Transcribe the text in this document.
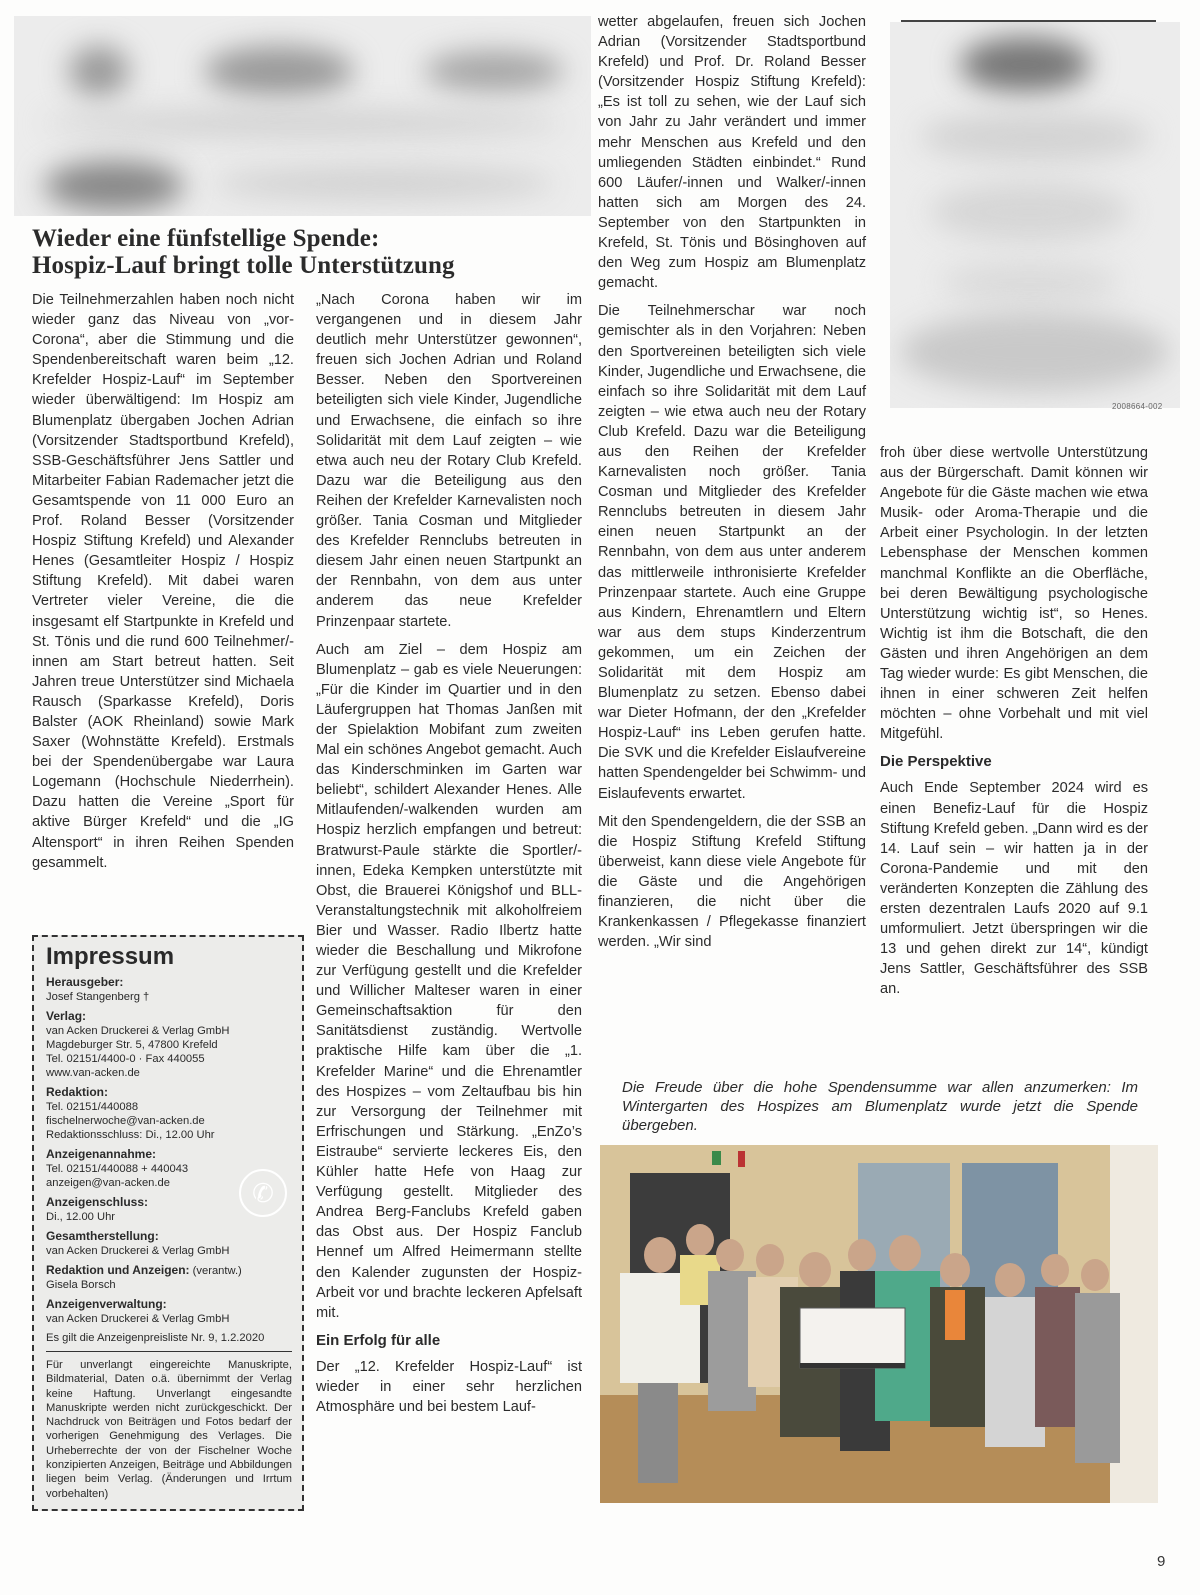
Wieder eine fünfstellige Spende:
Hospiz-Lauf bringt tolle Unterstützung

Die Teilnehmerzahlen haben noch nicht wieder ganz das Niveau von „vor-Corona“, aber die Stimmung und die Spendenbereitschaft waren beim „12. Krefelder Hospiz-Lauf“ im September wieder überwältigend: Im Hospiz am Blumenplatz übergaben Jochen Adrian (Vorsitzender Stadtsportbund Krefeld), SSB-Geschäftsführer Jens Sattler und Mitarbeiter Fabian Rademacher jetzt die Gesamtspende von 11 000 Euro an Prof. Roland Besser (Vorsitzender Hospiz Stiftung Krefeld) und Alexander Henes (Gesamtleiter Hospiz / Hospiz Stiftung Krefeld). Mit dabei waren Vertreter vieler Vereine, die die insgesamt elf Startpunkte in Krefeld und St. Tönis und die rund 600 Teilnehmer/-innen am Start betreut hatten. Seit Jahren treue Unterstützer sind Michaela Rausch (Sparkasse Krefeld), Doris Balster (AOK Rheinland) sowie Mark Saxer (Wohnstätte Krefeld). Erstmals bei der Spendenübergabe war Laura Logemann (Hochschule Niederrhein). Dazu hatten die Vereine „Sport für aktive Bürger Krefeld“ und die „IG Altensport“ in ihren Reihen Spenden gesammelt.

Impressum
Herausgeber:
Josef Stangenberg †
Verlag:
van Acken Druckerei & Verlag GmbH
Magdeburger Str. 5, 47800 Krefeld
Tel. 02151/4400-0 · Fax 440055
www.van-acken.de
Redaktion:
Tel. 02151/440088
fischelnerwoche@van-acken.de
Redaktionsschluss: Di., 12.00 Uhr
Anzeigenannahme:
Tel. 02151/440088 + 440043
anzeigen@van-acken.de
Anzeigenschluss:
Di., 12.00 Uhr
Gesamtherstellung:
van Acken Druckerei & Verlag GmbH
Redaktion und Anzeigen: (verantw.)
Gisela Borsch
Anzeigenverwaltung:
van Acken Druckerei & Verlag GmbH
Es gilt die Anzeigenpreisliste Nr. 9, 1.2.2020
Für unverlangt eingereichte Manuskripte, Bildmaterial, Daten o.ä. übernimmt der Verlag keine Haftung. Unverlangt eingesandte Manuskripte werden nicht zurückgeschickt. Der Nachdruck von Beiträgen und Fotos bedarf der vorherigen Genehmigung des Verlages. Die Urheberrechte der von der Fischelner Woche konzipierten Anzeigen, Beiträge und Abbildungen liegen beim Verlag. (Änderungen und Irrtum vorbehalten)
✆

„Nach Corona haben wir im vergangenen und in diesem Jahr deutlich mehr Unterstützer gewonnen“, freuen sich Jochen Adrian und Roland Besser. Neben den Sportvereinen beteiligten sich viele Kinder, Jugendliche und Erwachsene, die einfach so ihre Solidarität mit dem Lauf zeigten – wie etwa auch neu der Rotary Club Krefeld. Dazu war die Beteiligung aus den Reihen der Krefelder Karnevalisten noch größer. Tania Cosman und Mitglieder des Krefelder Rennclubs betreuten in diesem Jahr einen neuen Startpunkt an der Rennbahn, von dem aus unter anderem das neue Krefelder Prinzenpaar startete.

Auch am Ziel – dem Hospiz am Blumenplatz – gab es viele Neuerungen: „Für die Kinder im Quartier und in den Läufergruppen hat Thomas Janßen mit der Spielaktion Mobifant zum zweiten Mal ein schönes Angebot gemacht. Auch das Kinderschminken im Garten war beliebt“, schildert Alexander Henes. Alle Mitlaufenden/-walkenden wurden am Hospiz herzlich empfangen und betreut: Bratwurst-Paule stärkte die Sportler/-innen, Edeka Kempken unterstützte mit Obst, die Brauerei Königshof und BLL-Veranstaltungstechnik mit alkoholfreiem Bier und Wasser. Radio Ilbertz hatte wieder die Beschallung und Mikrofone zur Verfügung gestellt und die Krefelder und Willicher Malteser waren in einer Gemeinschaftsaktion für den Sanitätsdienst zuständig. Wertvolle praktische Hilfe kam über die „1. Krefelder Marine“ und die Ehrenamtler des Hospizes – vom Zeltaufbau bis hin zur Versorgung der Teilnehmer mit Erfrischungen und Stärkung. „EnZo’s Eistraube“ servierte leckeres Eis, den Kühler hatte Hefe von Haag zur Verfügung gestellt. Mitglieder des Andrea Berg-Fanclubs Krefeld gaben das Obst aus. Der Hospiz Fanclub Hennef um Alfred Heimermann stellte den Kalender zugunsten der Hospiz-Arbeit vor und brachte leckeren Apfelsaft mit.

Ein Erfolg für alle

Der „12. Krefelder Hospiz-Lauf“ ist wieder in einer sehr herzlichen Atmosphäre und bei bestem Lauf-

wetter abgelaufen, freuen sich Jochen Adrian (Vorsitzender Stadtsportbund Krefeld) und Prof. Dr. Roland Besser (Vorsitzender Hospiz Stiftung Krefeld): „Es ist toll zu sehen, wie der Lauf sich von Jahr zu Jahr verändert und immer mehr Menschen aus Krefeld und den umliegenden Städten einbindet.“ Rund 600 Läufer/-innen und Walker/-innen hatten sich am Morgen des 24. September von den Startpunkten in Krefeld, St. Tönis und Bösinghoven auf den Weg zum Hospiz am Blumenplatz gemacht.

Die Teilnehmerschar war noch gemischter als in den Vorjahren: Neben den Sportvereinen beteiligten sich viele Kinder, Jugendliche und Erwachsene, die einfach so ihre Solidarität mit dem Lauf zeigten – wie etwa auch neu der Rotary Club Krefeld. Dazu war die Beteiligung aus den Reihen der Krefelder Karnevalisten noch größer. Tania Cosman und Mitglieder des Krefelder Rennclubs betreuten in diesem Jahr einen neuen Startpunkt an der Rennbahn, von dem aus unter anderem das mittlerweile inthronisierte Krefelder Prinzenpaar startete. Auch eine Gruppe aus Kindern, Ehrenamtlern und Eltern war aus dem stups Kinderzentrum gekommen, um ein Zeichen der Solidarität mit dem Hospiz am Blumenplatz zu setzen. Ebenso dabei war Dieter Hofmann, der den „Krefelder Hospiz-Lauf“ ins Leben gerufen hatte. Die SVK und die Krefelder Eislaufvereine hatten Spendengelder bei Schwimm- und Eislaufevents erwartet.

Mit den Spendengeldern, die der SSB an die Hospiz Stiftung Krefeld Stiftung überweist, kann diese viele Angebote für die Gäste und die Angehörigen finanzieren, die nicht über die Krankenkassen / Pflegekasse finanziert werden. „Wir sind

2008664-002

froh über diese wertvolle Unterstützung aus der Bürgerschaft. Damit können wir Angebote für die Gäste machen wie etwa Musik- oder Aroma-Therapie und die Arbeit einer Psychologin. In der letzten Lebensphase der Menschen kommen manchmal Konflikte an die Oberfläche, bei deren Bewältigung psychologische Unterstützung wichtig ist“, so Henes. Wichtig ist ihm die Botschaft, die den Gästen und ihren Angehörigen an dem Tag wieder wurde: Es gibt Menschen, die ihnen in einer schweren Zeit helfen möchten – ohne Vorbehalt und mit viel Mitgefühl.

Die Perspektive

Auch Ende September 2024 wird es einen Benefiz-Lauf für die Hospiz Stiftung Krefeld geben. „Dann wird es der 14. Lauf sein – wir hatten ja in der Corona-Pandemie und mit den veränderten Konzepten die Zählung des ersten dezentralen Laufs 2020 auf 9.1 umformuliert. Jetzt überspringen wir die 13 und gehen direkt zur 14“, kündigt Jens Sattler, Geschäftsführer des SSB an.

Die Freude über die hohe Spendensumme war allen anzumerken: Im Wintergarten des Hospizes am Blumenplatz wurde jetzt die Spende übergeben.
9
